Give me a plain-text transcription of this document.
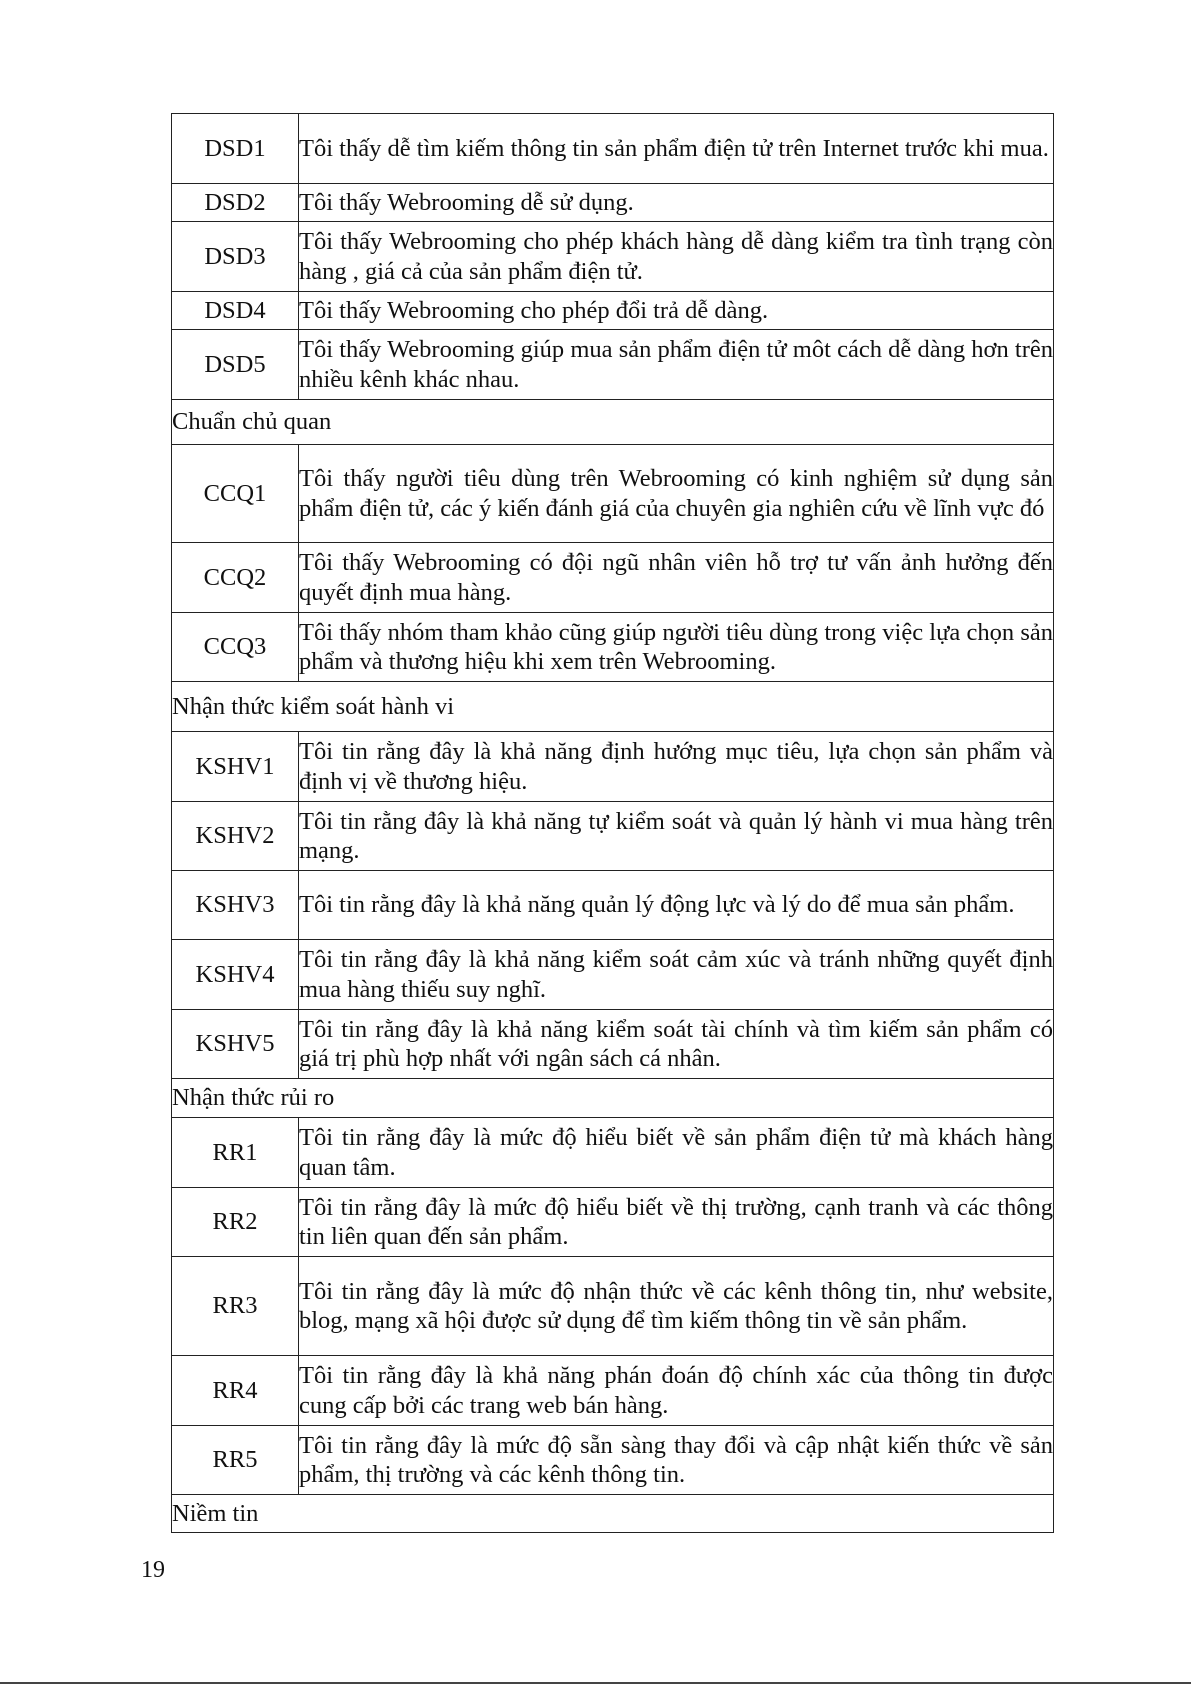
DSD1	Tôi thấy dễ tìm kiếm thông tin sản phẩm điện tử trên Internet trước khi mua.
DSD2	Tôi thấy Webrooming dễ sử dụng.
DSD3	Tôi thấy Webrooming cho phép khách hàng dễ dàng kiểm tra tình trạng còn hàng , giá cả của sản phẩm điện tử.
DSD4	Tôi thấy Webrooming cho phép đổi trả dễ dàng.
DSD5	Tôi thấy Webrooming giúp mua sản phẩm điện tử môt cách dễ dàng hơn trên nhiều kênh khác nhau.
Chuẩn chủ quan	
CCQ1	Tôi thấy người tiêu dùng trên Webrooming có kinh nghiệm sử dụng sản phẩm điện tử, các ý kiến đánh giá của chuyên gia nghiên cứu về lĩnh vực đó
CCQ2	Tôi thấy Webrooming có đội ngũ nhân viên hỗ trợ tư vấn ảnh hưởng đến quyết định mua hàng.
CCQ3	Tôi thấy nhóm tham khảo cũng giúp người tiêu dùng trong việc lựa chọn sản phẩm và thương hiệu khi xem trên Webrooming.
Nhận thức kiểm soát hành vi	
KSHV1	Tôi tin rằng đây là khả năng định hướng mục tiêu, lựa chọn sản phẩm và định vị về thương hiệu.
KSHV2	Tôi tin rằng đây là khả năng tự kiểm soát và quản lý hành vi mua hàng trên mạng.
KSHV3	Tôi tin rằng đây là khả năng quản lý động lực và lý do để mua sản phẩm.
KSHV4	Tôi tin rằng đây là khả năng kiểm soát cảm xúc và tránh những quyết định mua hàng thiếu suy nghĩ.
KSHV5	Tôi tin rằng đây là khả năng kiểm soát tài chính và tìm kiếm sản phẩm có giá trị phù hợp nhất với ngân sách cá nhân.
Nhận thức rủi ro	
RR1	Tôi tin rằng đây là mức độ hiểu biết về sản phẩm điện tử mà khách hàng quan tâm.
RR2	Tôi tin rằng đây là mức độ hiểu biết về thị trường, cạnh tranh và các thông tin liên quan đến sản phẩm.
RR3	Tôi tin rằng đây là mức độ nhận thức về các kênh thông tin, như website, blog, mạng xã hội được sử dụng để tìm kiếm thông tin về sản phẩm.
RR4	Tôi tin rằng đây là khả năng phán đoán độ chính xác của thông tin được cung cấp bởi các trang web bán hàng.
RR5	Tôi tin rằng đây là mức độ sẵn sàng thay đổi và cập nhật kiến thức về sản phẩm, thị trường và các kênh thông tin.
Niềm tin	
19
